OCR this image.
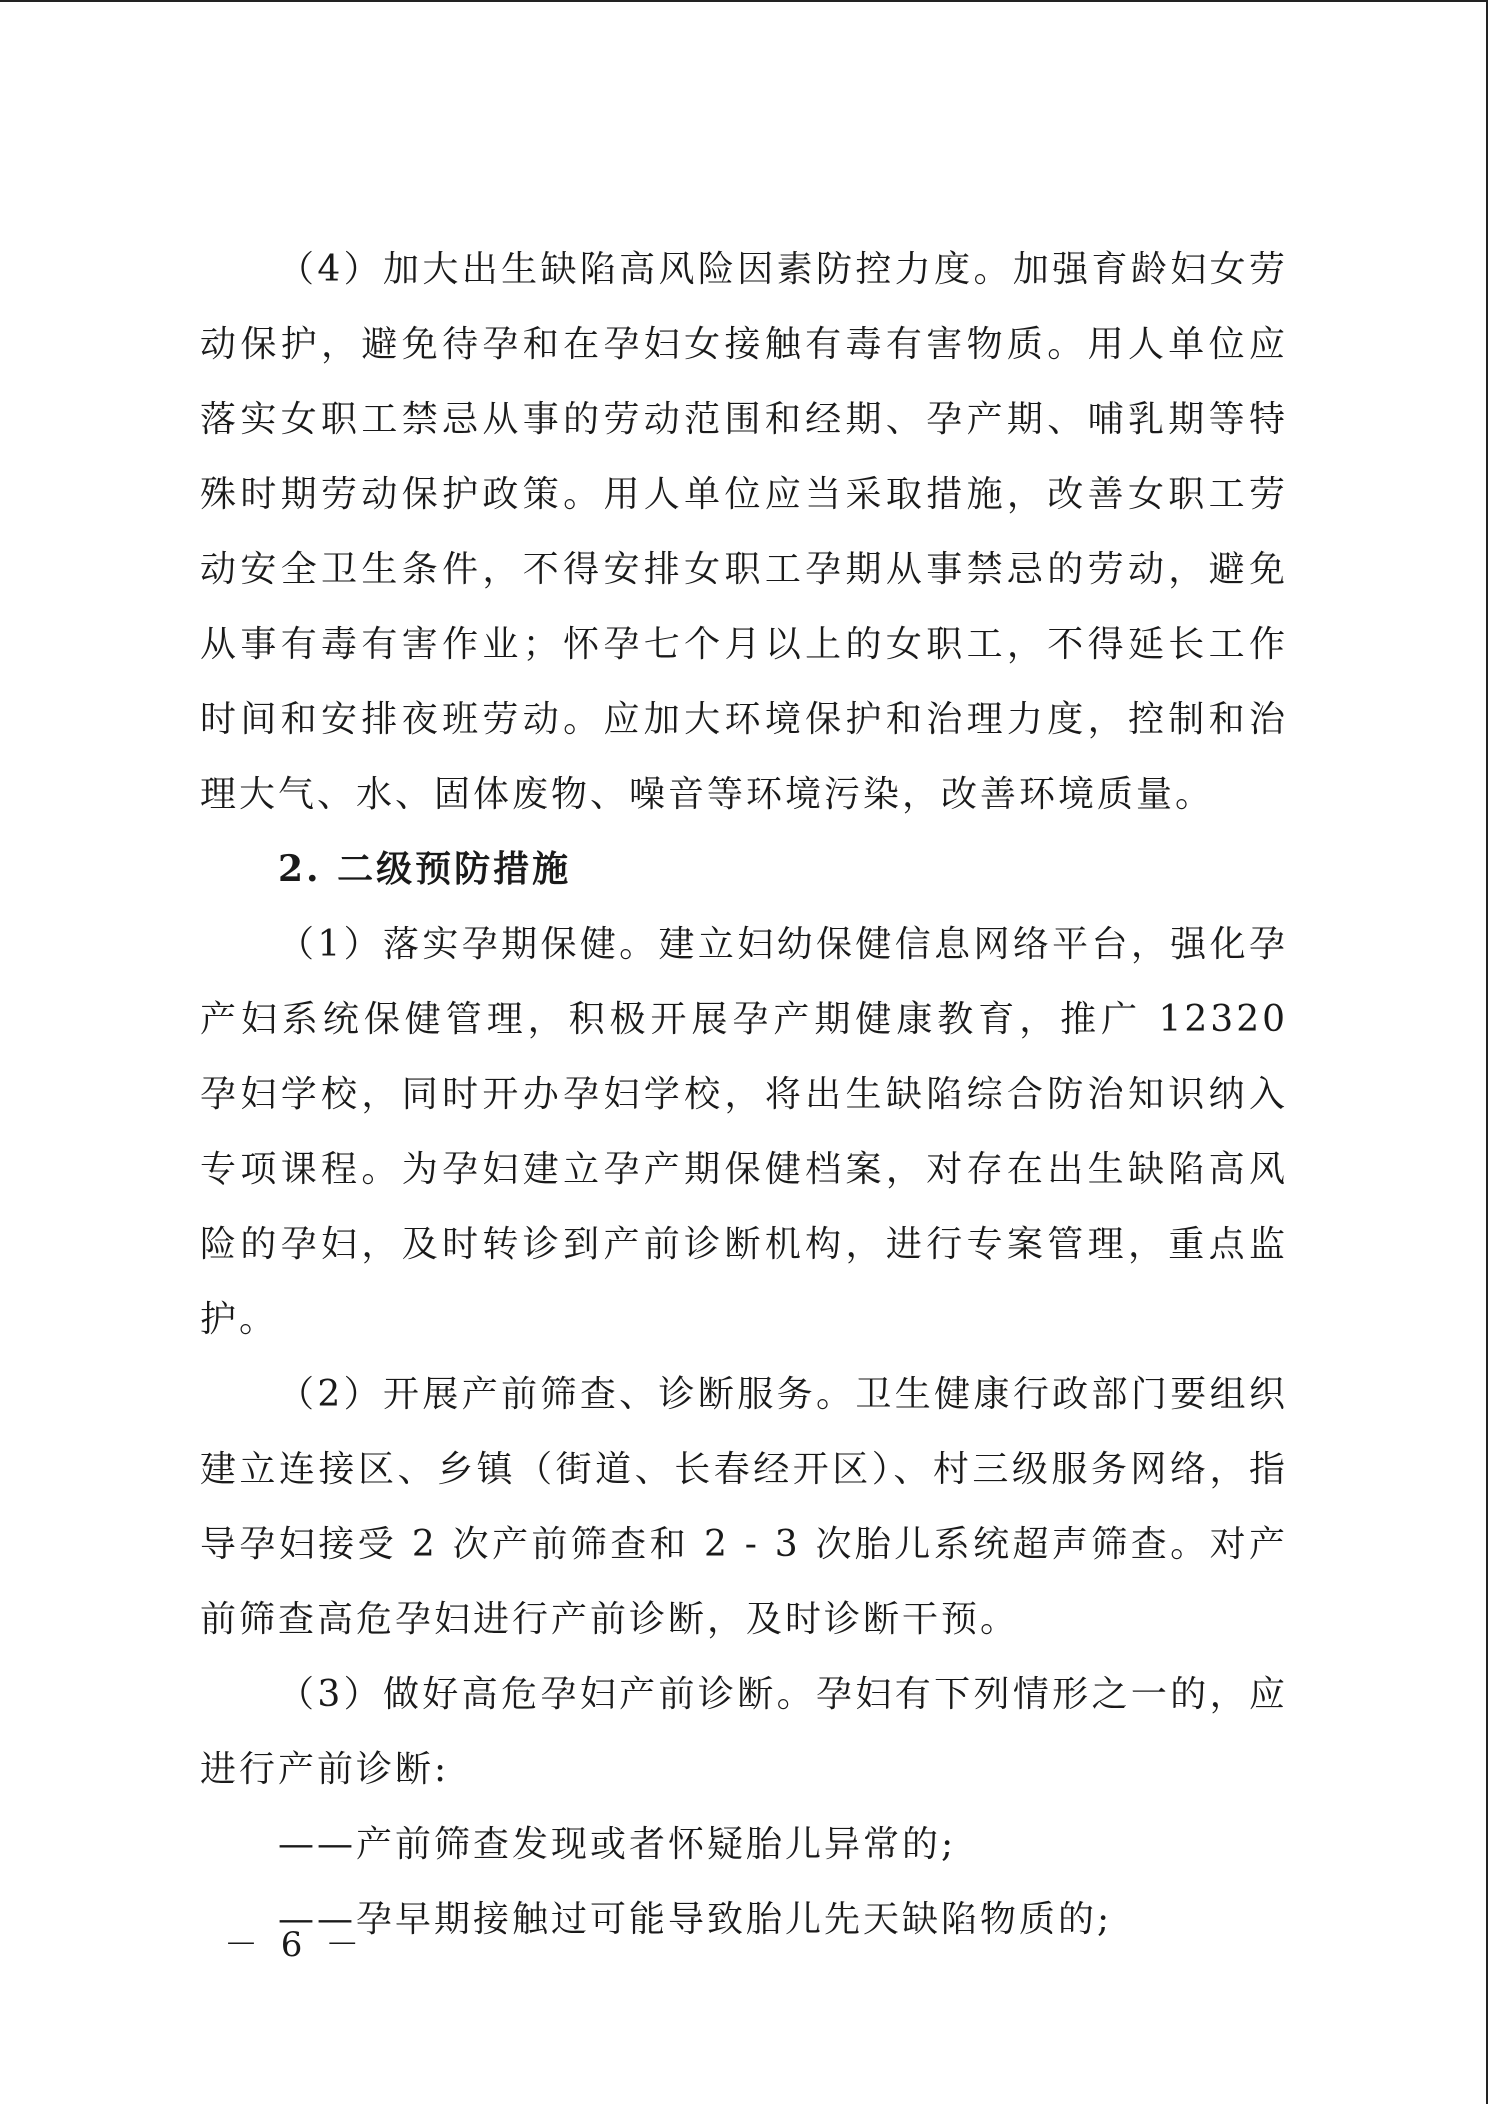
（4）加大出生缺陷高风险因素防控力度。加强育龄妇女劳动保护，避免待孕和在孕妇女接触有毒有害物质。用人单位应落实女职工禁忌从事的劳动范围和经期、孕产期、哺乳期等特殊时期劳动保护政策。用人单位应当采取措施，改善女职工劳动安全卫生条件，不得安排女职工孕期从事禁忌的劳动，避免从事有毒有害作业；怀孕七个月以上的女职工，不得延长工作时间和安排夜班劳动。应加大环境保护和治理力度，控制和治理大气、水、固体废物、噪音等环境污染，改善环境质量。

2. 二级预防措施

（1）落实孕期保健。建立妇幼保健信息网络平台，强化孕产妇系统保健管理，积极开展孕产期健康教育，推广 12320 孕妇学校，同时开办孕妇学校，将出生缺陷综合防治知识纳入专项课程。为孕妇建立孕产期保健档案，对存在出生缺陷高风险的孕妇，及时转诊到产前诊断机构，进行专案管理，重点监护。

（2）开展产前筛查、诊断服务。卫生健康行政部门要组织建立连接区、乡镇（街道、长春经开区）、村三级服务网络，指导孕妇接受 2 次产前筛查和 2 - 3 次胎儿系统超声筛查。对产前筛查高危孕妇进行产前诊断，及时诊断干预。

（3）做好高危孕妇产前诊断。孕妇有下列情形之一的，应进行产前诊断:

——产前筛查发现或者怀疑胎儿异常的;

——孕早期接触过可能导致胎儿先天缺陷物质的;

－ 6 －
